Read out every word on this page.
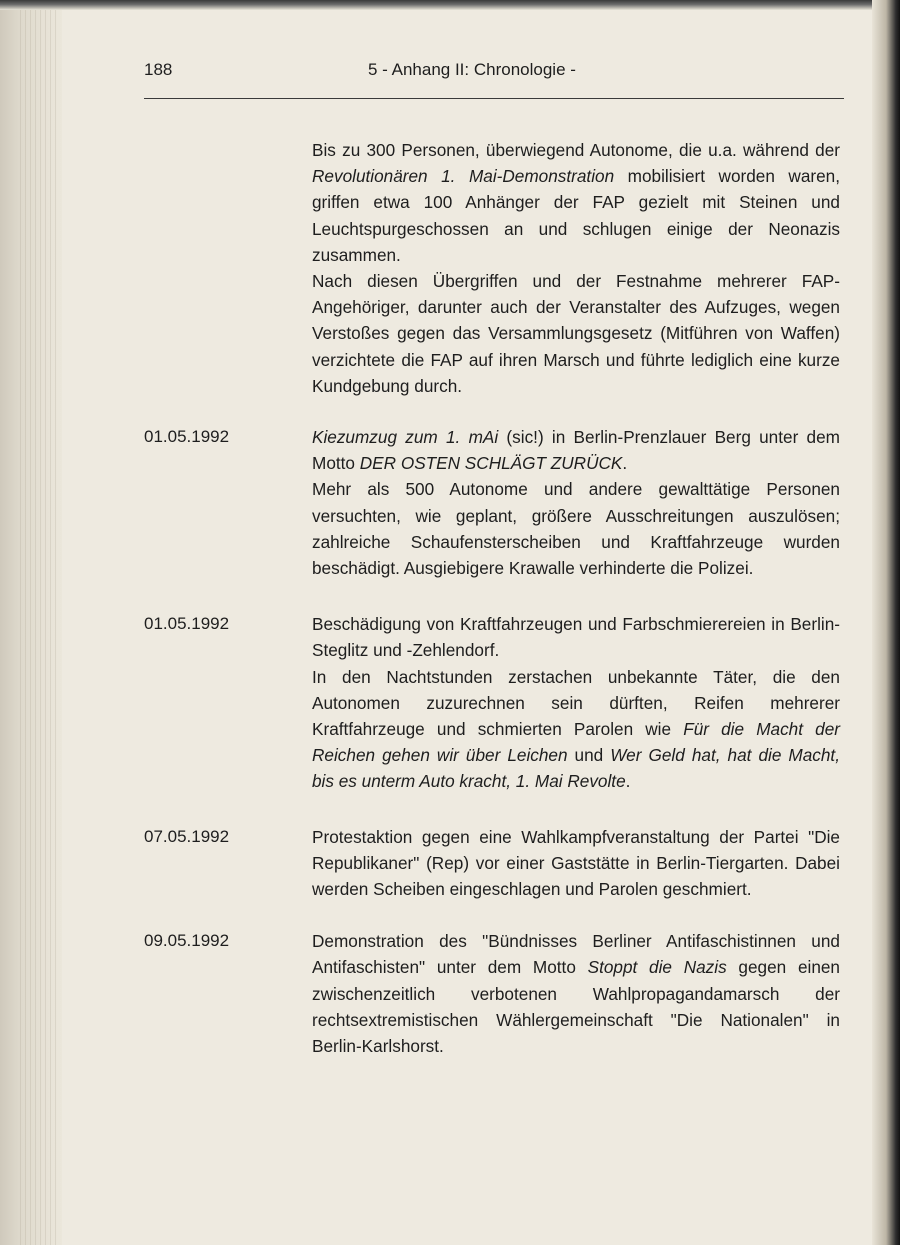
188	5 - Anhang II: Chronologie -

Bis zu 300 Personen, überwiegend Autonome, die u.a. während der Revolutionären 1. Mai-Demonstration mobilisiert worden waren, griffen etwa 100 Anhänger der FAP gezielt mit Steinen und Leuchtspurgeschossen an und schlugen einige der Neonazis zusammen.

Nach diesen Übergriffen und der Festnahme mehrerer FAP-Angehöriger, darunter auch der Veranstalter des Aufzuges, wegen Verstoßes gegen das Versammlungsgesetz (Mitführen von Waffen) verzichtete die FAP auf ihren Marsch und führte lediglich eine kurze Kundgebung durch.

01.05.1992	Kiezumzug zum 1. mAi (sic!) in Berlin-Prenzlauer Berg unter dem Motto DER OSTEN SCHLÄGT ZURÜCK.

Mehr als 500 Autonome und andere gewalttätige Personen versuchten, wie geplant, größere Ausschreitungen auszulösen; zahlreiche Schaufensterscheiben und Kraftfahrzeuge wurden beschädigt. Ausgiebigere Krawalle verhinderte die Polizei.

01.05.1992	Beschädigung von Kraftfahrzeugen und Farbschmierereien in Berlin-Steglitz und -Zehlendorf.

In den Nachtstunden zerstachen unbekannte Täter, die den Autonomen zuzurechnen sein dürften, Reifen mehrerer Kraftfahrzeuge und schmierten Parolen wie Für die Macht der Reichen gehen wir über Leichen und Wer Geld hat, hat die Macht, bis es unterm Auto kracht, 1. Mai Revolte.

07.05.1992	Protestaktion gegen eine Wahlkampfveranstaltung der Partei "Die Republikaner" (Rep) vor einer Gaststätte in Berlin-Tiergarten. Dabei werden Scheiben eingeschlagen und Parolen geschmiert.

09.05.1992	Demonstration des "Bündnisses Berliner Antifaschistinnen und Antifaschisten" unter dem Motto Stoppt die Nazis gegen einen zwischenzeitlich verbotenen Wahlpropagandamarsch der rechtsextremistischen Wählergemeinschaft "Die Nationalen" in Berlin-Karlshorst.
